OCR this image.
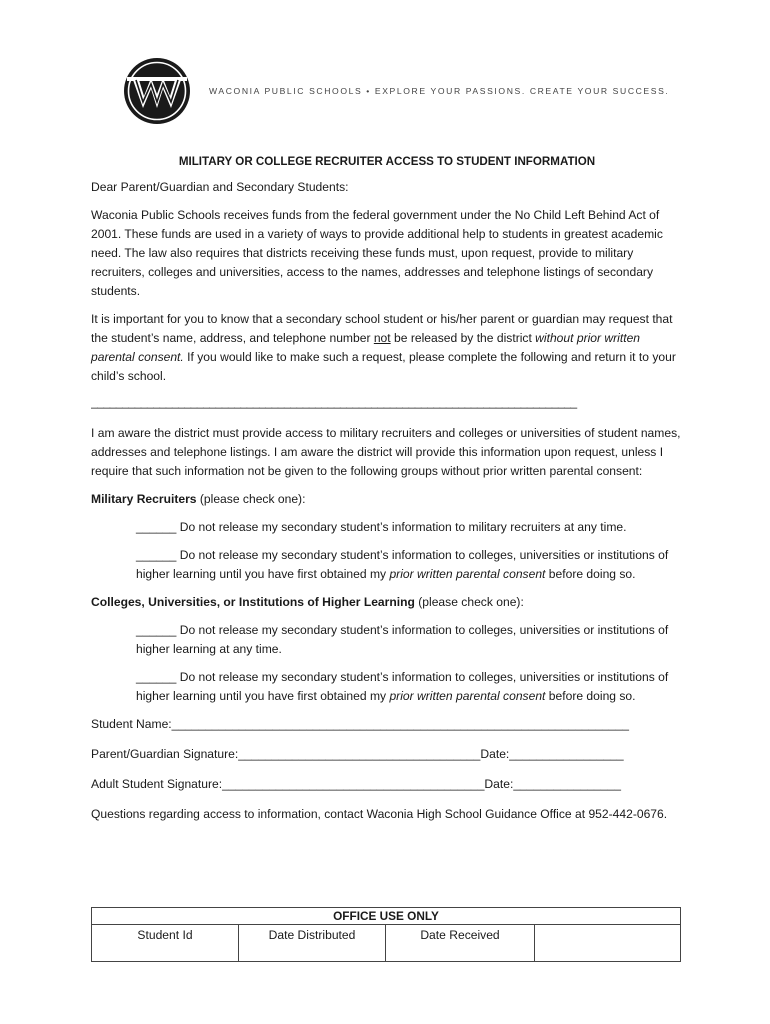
WACONIA PUBLIC SCHOOLS • EXPLORE YOUR PASSIONS. CREATE YOUR SUCCESS.
MILITARY OR COLLEGE RECRUITER ACCESS TO STUDENT INFORMATION

Dear Parent/Guardian and Secondary Students:

Waconia Public Schools receives funds from the federal government under the No Child Left Behind Act of 2001. These funds are used in a variety of ways to provide additional help to students in greatest academic need. The law also requires that districts receiving these funds must, upon request, provide to military recruiters, colleges and universities, access to the names, addresses and telephone listings of secondary students.

It is important for you to know that a secondary school student or his/her parent or guardian may request that the student’s name, address, and telephone number not be released by the district without prior written parental consent. If you would like to make such a request, please complete the following and return it to your child’s school.

______________________________________________________________________________

I am aware the district must provide access to military recruiters and colleges or universities of student names, addresses and telephone listings. I am aware the district will provide this information upon request, unless I require that such information not be given to the following groups without prior written parental consent:

Military Recruiters (please check one):

______ Do not release my secondary student’s information to military recruiters at any time.

______ Do not release my secondary student’s information to colleges, universities or institutions of higher learning until you have first obtained my prior written parental consent before doing so.

Colleges, Universities, or Institutions of Higher Learning (please check one):

______ Do not release my secondary student’s information to colleges, universities or institutions of higher learning at any time.

______ Do not release my secondary student’s information to colleges, universities or institutions of higher learning until you have first obtained my prior written parental consent before doing so.

Student Name:____________________________________________________________________
Parent/Guardian Signature:____________________________________Date:_________________
Adult Student Signature:_______________________________________Date:________________

Questions regarding access to information, contact Waconia High School Guidance Office at 952-442-0676.

OFFICE USE ONLY
Student Id	Date Distributed	Date Received	
